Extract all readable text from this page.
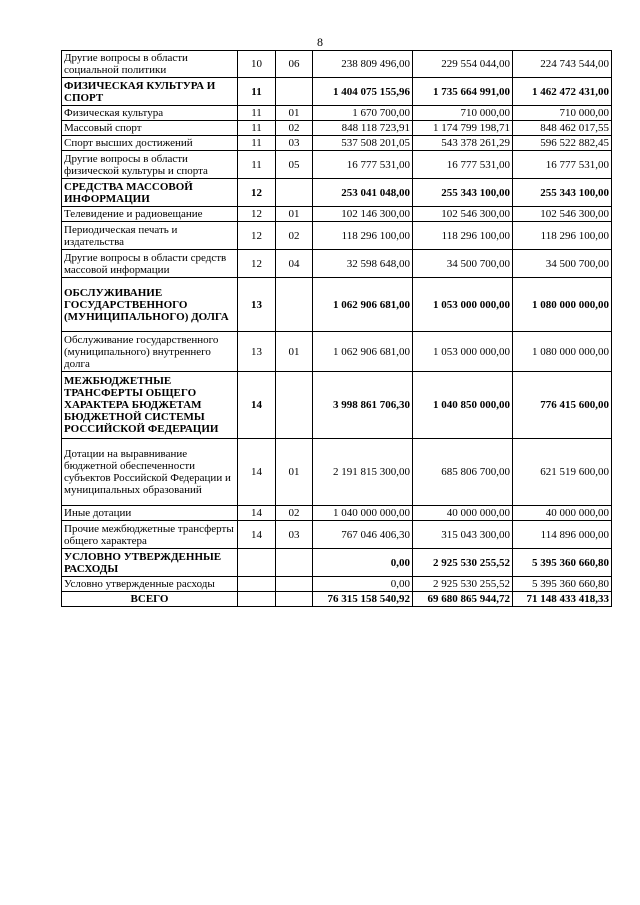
8
Другие вопросы в области социальной политики	10	06	238 809 496,00	229 554 044,00	224 743 544,00
ФИЗИЧЕСКАЯ КУЛЬТУРА И СПОРТ	11		1 404 075 155,96	1 735 664 991,00	1 462 472 431,00
Физическая культура	11	01	1 670 700,00	710 000,00	710 000,00
Массовый спорт	11	02	848 118 723,91	1 174 799 198,71	848 462 017,55
Спорт высших достижений	11	03	537 508 201,05	543 378 261,29	596 522 882,45
Другие вопросы в области физической культуры и спорта	11	05	16 777 531,00	16 777 531,00	16 777 531,00
СРЕДСТВА МАССОВОЙ ИНФОРМАЦИИ	12		253 041 048,00	255 343 100,00	255 343 100,00
Телевидение и радиовещание	12	01	102 146 300,00	102 546 300,00	102 546 300,00
Периодическая печать и издательства	12	02	118 296 100,00	118 296 100,00	118 296 100,00
Другие вопросы в области средств массовой информации	12	04	32 598 648,00	34 500 700,00	34 500 700,00
ОБСЛУЖИВАНИЕ ГОСУДАРСТВЕННОГО (МУНИЦИПАЛЬНОГО) ДОЛГА	13		1 062 906 681,00	1 053 000 000,00	1 080 000 000,00
Обслуживание государственного (муниципального) внутреннего долга	13	01	1 062 906 681,00	1 053 000 000,00	1 080 000 000,00
МЕЖБЮДЖЕТНЫЕ ТРАНСФЕРТЫ ОБЩЕГО ХАРАКТЕРА БЮДЖЕТАМ БЮДЖЕТНОЙ СИСТЕМЫ РОССИЙСКОЙ ФЕДЕРАЦИИ	14		3 998 861 706,30	1 040 850 000,00	776 415 600,00
Дотации на выравнивание бюджетной обеспеченности субъектов Российской Федерации и муниципальных образований	14	01	2 191 815 300,00	685 806 700,00	621 519 600,00
Иные дотации	14	02	1 040 000 000,00	40 000 000,00	40 000 000,00
Прочие межбюджетные трансферты общего характера	14	03	767 046 406,30	315 043 300,00	114 896 000,00
УСЛОВНО УТВЕРЖДЕННЫЕ РАСХОДЫ			0,00	2 925 530 255,52	5 395 360 660,80
Условно утвержденные расходы			0,00	2 925 530 255,52	5 395 360 660,80
ВСЕГО			76 315 158 540,92	69 680 865 944,72	71 148 433 418,33
